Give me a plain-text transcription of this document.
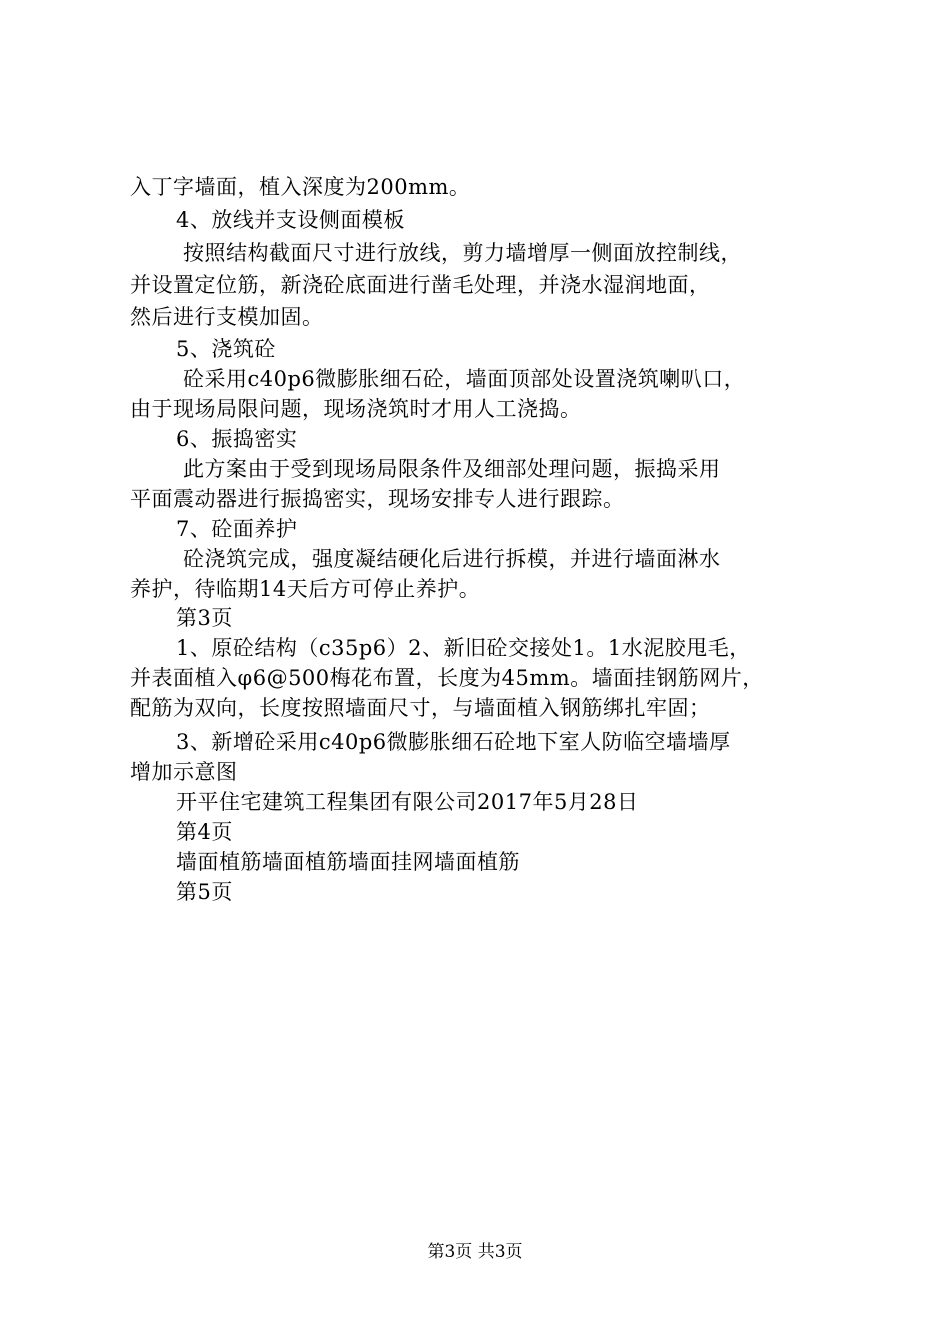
入丁字墙面，植入深度为200mm。
4、放线并支设侧面模板
按照结构截面尺寸进行放线，剪力墙增厚一侧面放控制线，
并设置定位筋，新浇砼底面进行凿毛处理，并浇水湿润地面，
然后进行支模加固。
5、浇筑砼
砼采用c40p6微膨胀细石砼，墙面顶部处设置浇筑喇叭口，
由于现场局限问题，现场浇筑时才用人工浇捣。
6、振捣密实
此方案由于受到现场局限条件及细部处理问题，振捣采用
平面震动器进行振捣密实，现场安排专人进行跟踪。
7、砼面养护
砼浇筑完成，强度凝结硬化后进行拆模，并进行墙面淋水
养护，待临期14天后方可停止养护。
第3页
1、原砼结构（c35p6）2、新旧砼交接处1。1水泥胶甩毛，
并表面植入φ6@500梅花布置，长度为45mm。墙面挂钢筋网片，
配筋为双向，长度按照墙面尺寸，与墙面植入钢筋绑扎牢固；
3、新增砼采用c40p6微膨胀细石砼地下室人防临空墙墙厚
增加示意图
开平住宅建筑工程集团有限公司2017年5月28日
第4页
墙面植筋墙面植筋墙面挂网墙面植筋
第5页
第3页 共3页
